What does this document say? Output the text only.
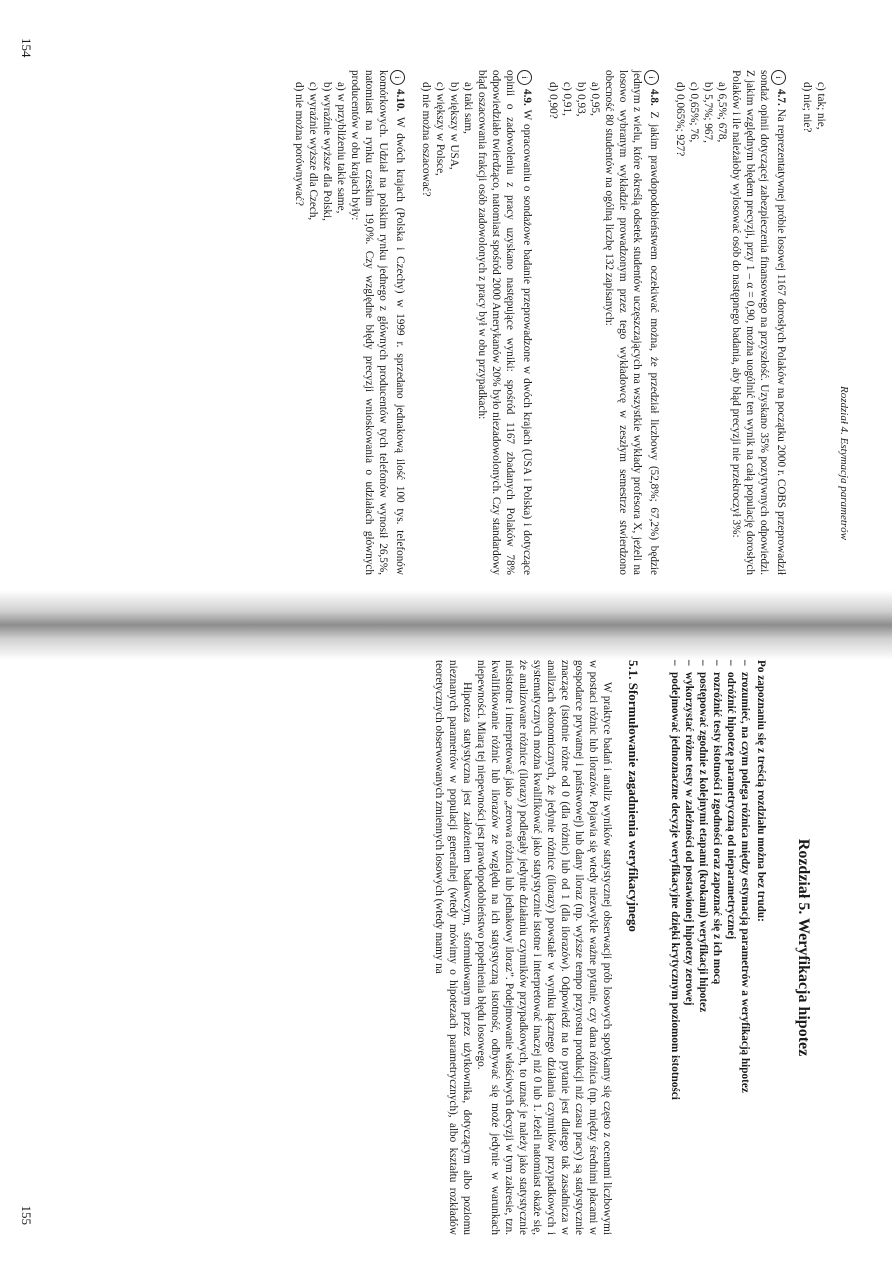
Rozdział 4. Estymacja parametrów

c) tak; nie,

d) nie; nie?

i4.7. Na reprezentatywnej próbie losowej 1167 dorosłych Polaków na początku 2000 r. COBS przeprowadził sondaż opinii dotyczącej zabezpieczenia finansowego na przyszłość. Uzyskano 35% pozytywnych odpowiedzi. Z jakim względnym błędem precyzji, przy 1 – α = 0,90, można uogólnić ten wynik na całą populację dorosłych Polaków i ile należałoby wylosować osób do następnego badania, aby błąd precyzji nie przekroczył 3%:

a) 6,5%; 678,

b) 5,7%; 967,

c) 0,65%; 76,

d) 0,065%; 927?

i4.8. Z jakim prawdopodobieństwem oczekiwać można, że przedział liczbowy (52,8%; 67,2%) będzie jednym z wielu, które określą odsetek studentów uczęszczających na wszystkie wykłady profesora X, jeżeli na losowo wybranym wykładzie prowadzonym przez tego wykładowcę w zeszłym semestrze stwierdzono obecność 80 studentów na ogólną liczbę 132 zapisanych:

a) 0,95,

b) 0,93,

c) 0,91,

d) 0,90?

i4.9. W opracowaniu o sondażowe badanie przeprowadzone w dwóch krajach (USA i Polska) i dotyczące opinii o zadowoleniu z pracy uzyskano następujące wyniki: spośród 1167 zbadanych Polaków 78% odpowiedziało twierdząco, natomiast spośród 2000 Amerykanów 20% było niezadowolonych. Czy standardowy błąd oszacowania frakcji osób zadowolonych z pracy był w obu przypadkach:

a) taki sam,

b) większy w USA,

c) większy w Polsce,

d) nie można oszacować?

i4.10. W dwóch krajach (Polska i Czechy) w 1999 r. sprzedano jednakową ilość 100 tys. telefonów komórkowych. Udział na polskim rynku jednego z głównych producentów tych telefonów wynosił 26,5%, natomiast na rynku czeskim 19,0%. Czy względne błędy precyzji wnioskowania o udziałach głównych producentów w obu krajach były:

a) w przybliżeniu takie same,

b) wyraźnie wyższe dla Polski,

c) wyraźnie wyższe dla Czech,

d) nie można porównywać?

154
Rozdział 5. Weryfikacja hipotez

Po zapoznaniu się z treścią rozdziału można bez trudu:

– zrozumieć, na czym polega różnica między estymacją parametrów a weryfikacją hipotez
– odróżnić hipotezę parametryczną od nieparametrycznej
– rozróżnić testy istotności i zgodności oraz zapoznać się z ich mocą
– postępować zgodnie z kolejnymi etapami (krokami) weryfikacji hipotez
– wykorzystać różne testy w zależności od postawionej hipotezy zerowej
– podejmować jednoznaczne decyzje weryfikacyjne dzięki krytycznym poziomom istotności
5.1. Sformułowanie zagadnienia weryfikacyjnego

W praktyce badań i analiz wyników statystycznej obserwacji prób losowych spotykamy się często z ocenami liczbowymi w postaci różnic lub ilorazów. Pojawia się wtedy niezwykle ważne pytanie, czy dana różnica (np. między średnimi płacami w gospodarce prywatnej i państwowej) lub dany iloraz (np. wyższe tempo przyrostu produkcji niż czasu pracy) są statystycznie znaczące (istotnie różne od 0 (dla różnic) lub od 1 (dla ilorazów). Odpowiedź na to pytanie jest dlatego tak zasadnicza w analizach ekonomicznych, że jedynie różnice (ilorazy) powstałe w wyniku łącznego działania czynników przypadkowych i systematycznych można kwalifikować jako statystycznie istotne i interpretować inaczej niż 0 lub 1. Jeżeli natomiast okaże się, że analizowane różnice (ilorazy) podlegały jedynie działaniu czynników przypadkowych, to uznać je należy jako statystycznie nieistotne i interpretować jako „zerowa różnica lub jednakowy iloraz”. Podejmowanie właściwych decyzji w tym zakresie, tzn. kwalifikowanie różnic lub ilorazów ze względu na ich statystyczną istotność, odbywać się może jedynie w warunkach niepewności. Miarą tej niepewności jest prawdopodobieństwo popełnienia błędu losowego.

Hipoteza statystyczna jest założeniem badawczym, sformułowanym przez użytkownika, dotyczącym albo poziomu nieznanych parametrów w populacji generalnej (wtedy mówimy o hipotezach parametrycznych), albo kształtu rozkładów teoretycznych obserwowanych zmiennych losowych (wtedy mamy na

155
